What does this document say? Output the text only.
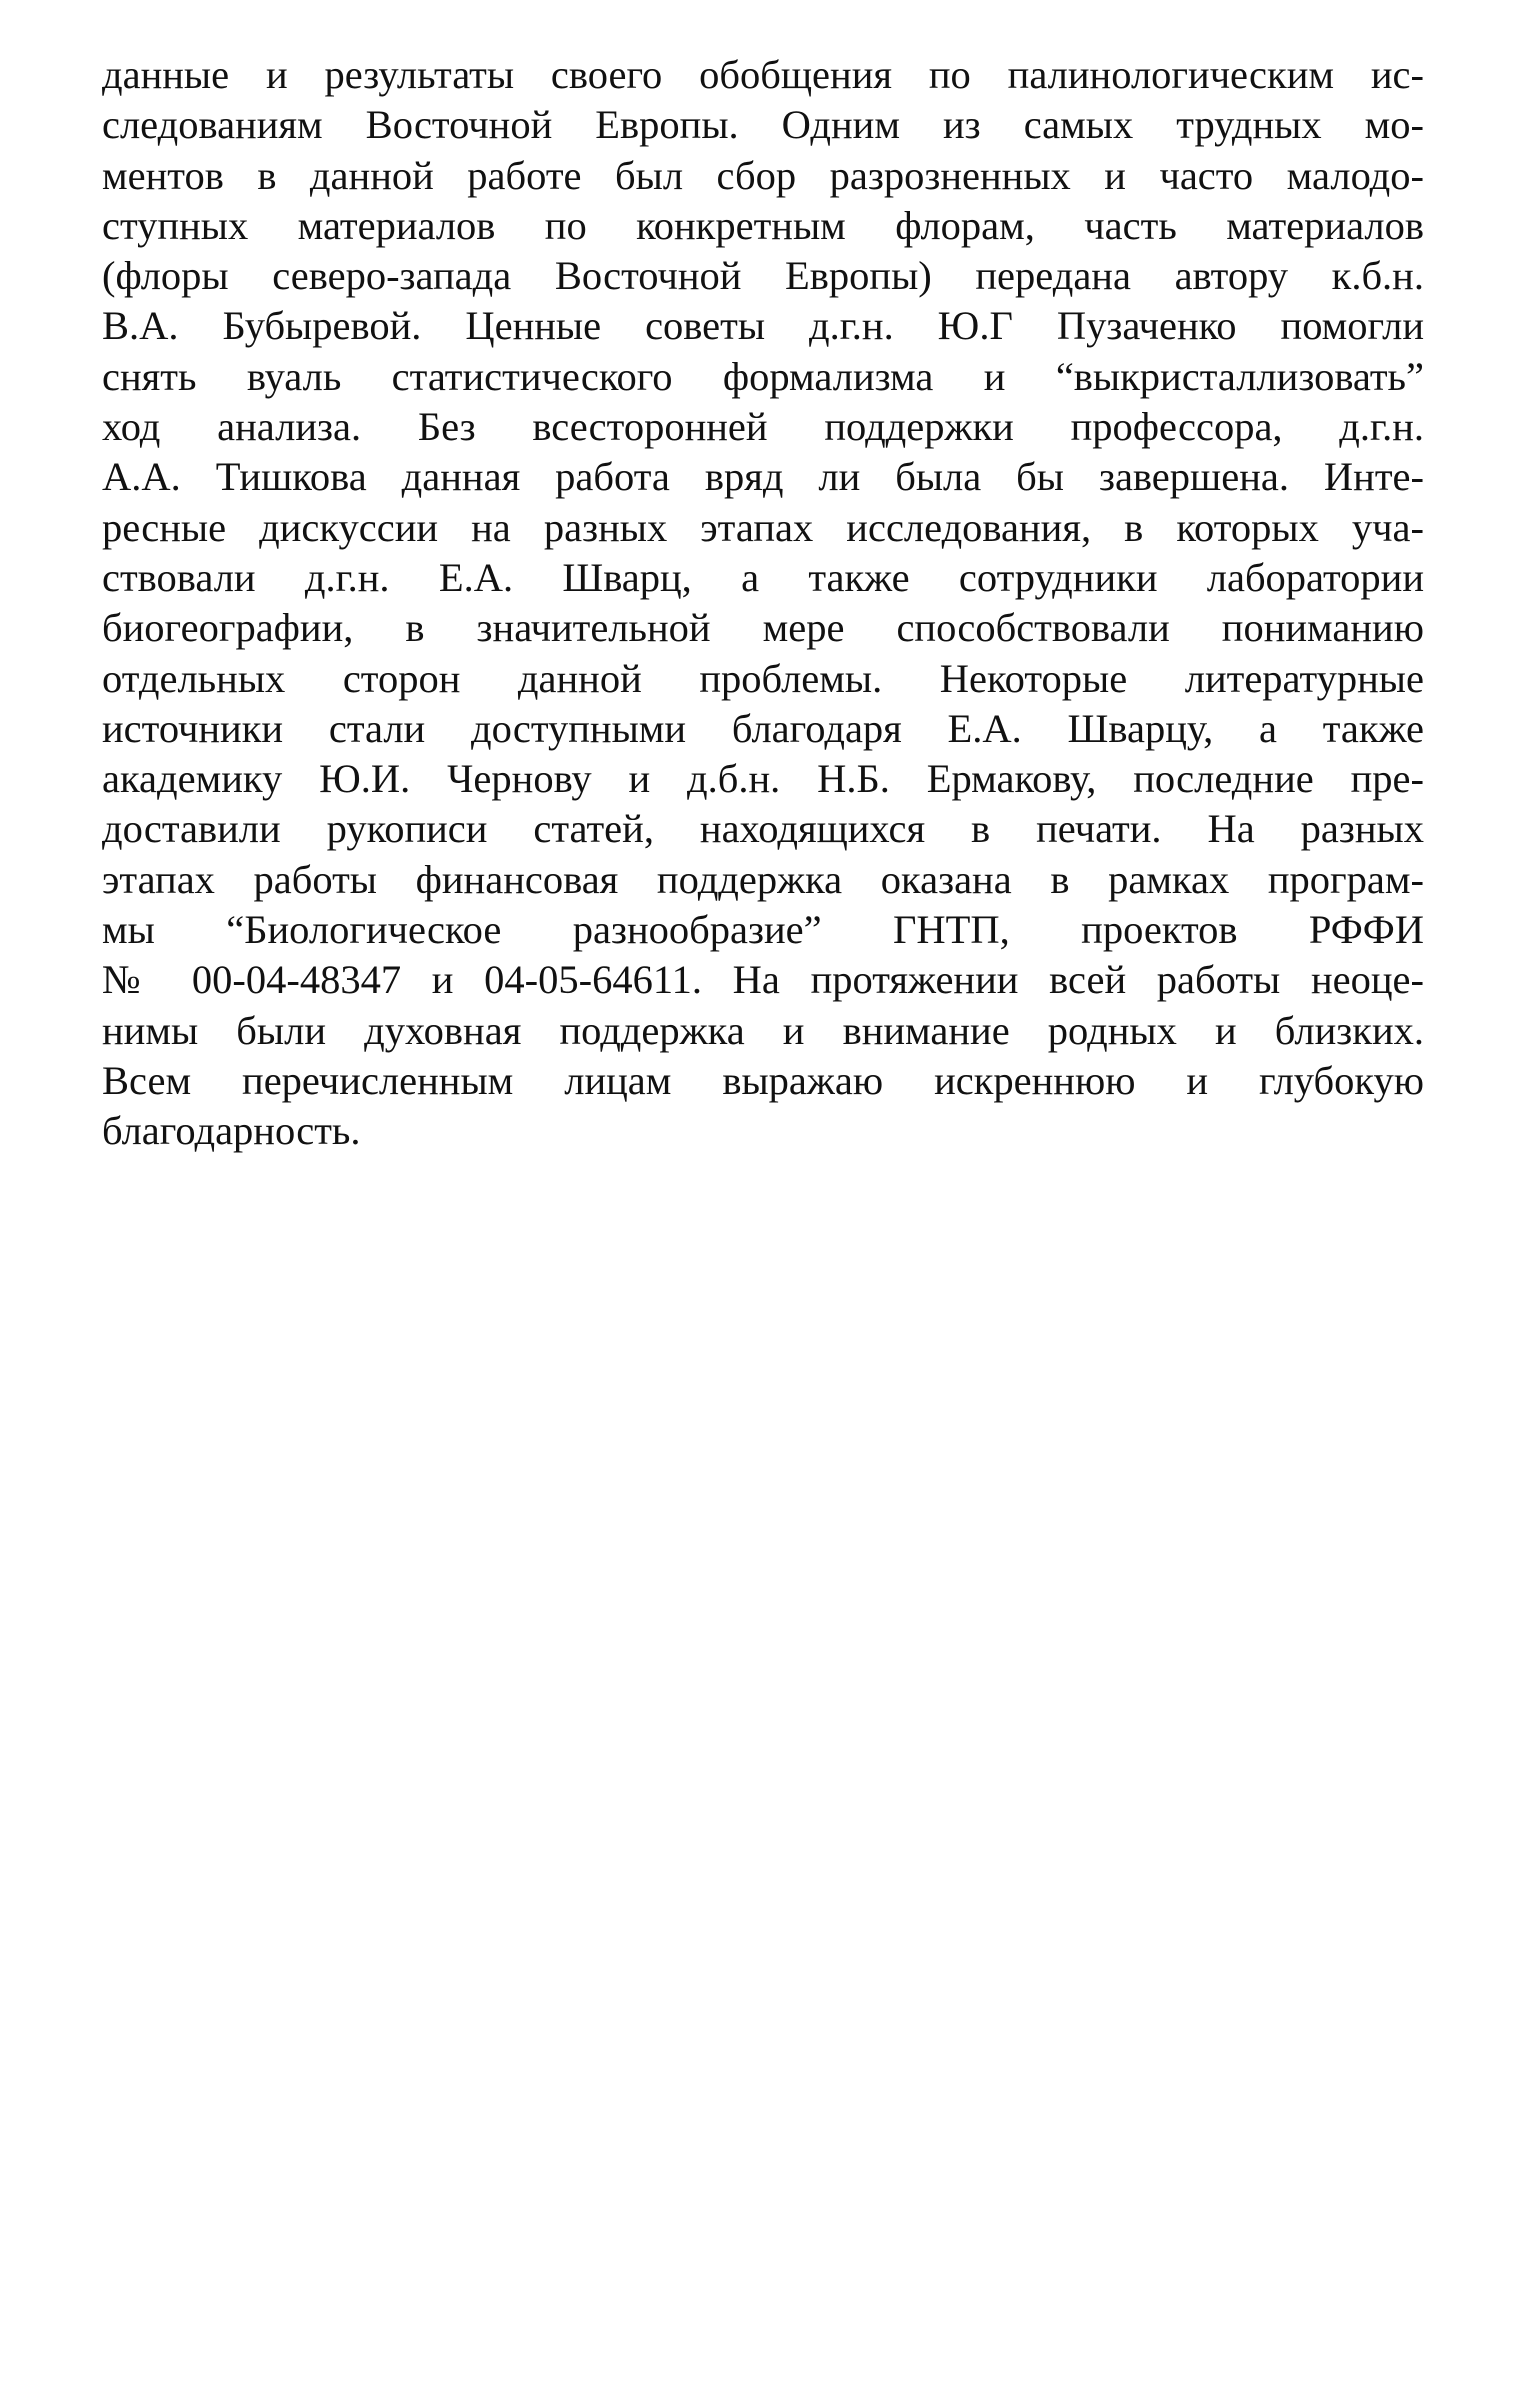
данные и результаты своего обобщения по палинологическим ис-
следованиям Восточной Европы. Одним из самых трудных мо-
ментов в данной работе был сбор разрозненных и часто малодо-
ступных материалов по конкретным флорам, часть материалов
(флоры северо-запада Восточной Европы) передана автору к.б.н.
В.А. Бубыревой. Ценные советы д.г.н. Ю.Г Пузаченко помогли
снять вуаль статистического формализма и “выкристаллизовать”
ход анализа. Без всесторонней поддержки профессора, д.г.н.
А.А. Тишкова данная работа вряд ли была бы завершена. Инте-
ресные дискуссии на разных этапах исследования, в которых уча-
ствовали д.г.н. Е.А. Шварц, а также сотрудники лаборатории
биогеографии, в значительной мере способствовали пониманию
отдельных сторон данной проблемы. Некоторые литературные
источники стали доступными благодаря Е.А. Шварцу, а также
академику Ю.И. Чернову и д.б.н. Н.Б. Ермакову, последние пре-
доставили рукописи статей, находящихся в печати. На разных
этапах работы финансовая поддержка оказана в рамках програм-
мы “Биологическое разнообразие” ГНТП, проектов РФФИ
№ 00-04-48347 и 04-05-64611. На протяжении всей работы неоце-
нимы были духовная поддержка и внимание родных и близких.
Всем перечисленным лицам выражаю искреннюю и глубокую
благодарность.
